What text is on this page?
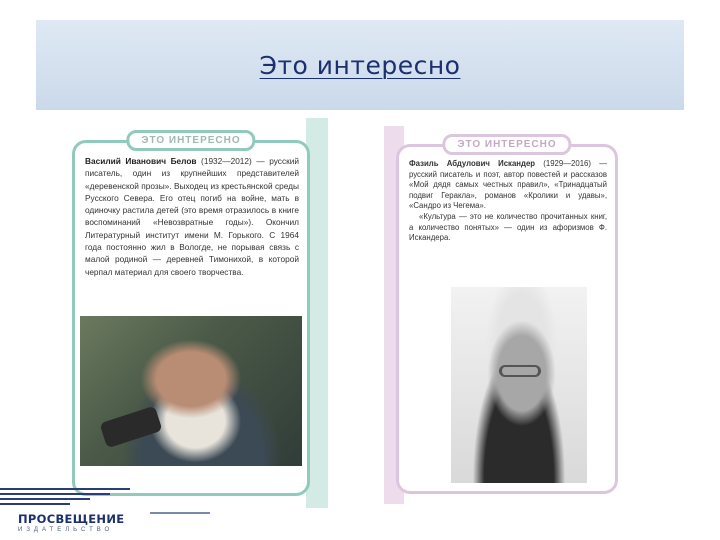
Это интересно
ЭТО ИНТЕРЕСНО
Василий Иванович Белов (1932—2012) — русский писатель, один из крупнейших представителей «деревенской прозы». Выходец из крестьянской среды Русского Севера. Его отец погиб на войне, мать в одиночку растила детей (это время отразилось в книге воспоминаний «Невозвратные годы»). Окончил Литературный институт имени М. Горького. С 1964 года постоянно жил в Вологде, не порывая связь с малой родиной — деревней Тимонихой, в которой черпал материал для своего творчества.
ЭТО ИНТЕРЕСНО

Фазиль Абдулович Искандер (1929—2016) — русский писатель и поэт, автор повестей и рассказов «Мой дядя самых честных правил», «Тринадцатый подвиг Геракла», романов «Кролики и удавы», «Сандро из Чегема».

«Культура — это не количество прочитанных книг, а количество понятых» — один из афоризмов Ф. Искандера.

ПРОСВЕЩЕНИЕ
ИЗДАТЕЛЬСТВО
